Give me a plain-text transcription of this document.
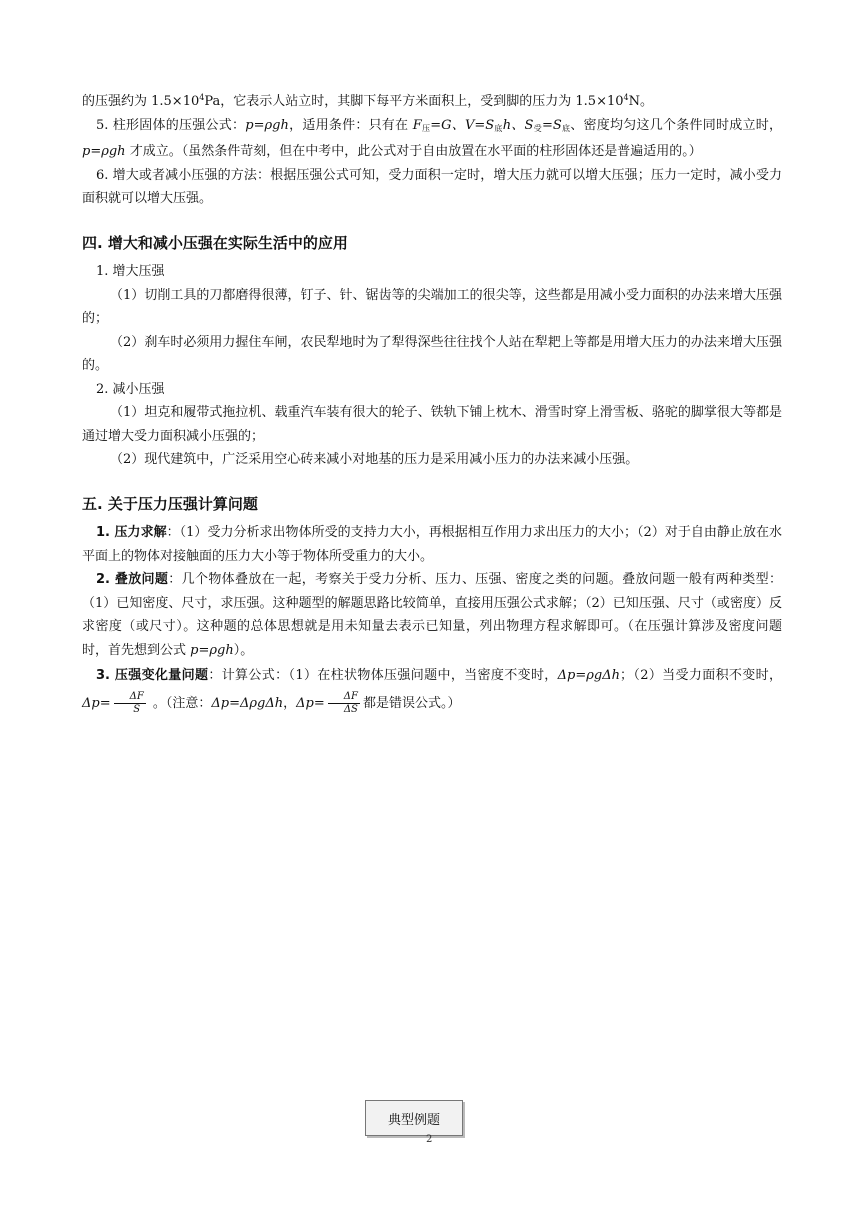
的压强约为 $1.5\times 10^4Pa$，它表示人站立时，其脚下每平方米面积上，受到脚的压力为 $1.5\times 10^4N$。

5. 柱形固体的压强公式：p=ρgh，适用条件：只有在 $F_压=G$、$V=S_底h$、$S_受=S_底$、密度均匀这几个条件同时成立时，p=ρgh 才成立。（虽然条件苛刻，但在中考中，此公式对于自由放置在水平面的柱形固体还是普遍适用的。）

6. 增大或者减小压强的方法：根据压强公式可知，受力面积一定时，增大压力就可以增大压强；压力一定时，减小受力面积就可以增大压强。

四. 增大和减小压强在实际生活中的应用

1. 增大压强

（1）切削工具的刀都磨得很薄，钉子、针、锯齿等的尖端加工的很尖等，这些都是用减小受力面积的办法来增大压强的；

（2）刹车时必须用力握住车闸，农民犁地时为了犁得深些往往找个人站在犁耙上等都是用增大压力的办法来增大压强的。

2. 减小压强

（1）坦克和履带式拖拉机、载重汽车装有很大的轮子、铁轨下铺上枕木、滑雪时穿上滑雪板、骆驼的脚掌很大等都是通过增大受力面积减小压强的；

（2）现代建筑中，广泛采用空心砖来减小对地基的压力是采用减小压力的办法来减小压强。

五. 关于压力压强计算问题

1. 压力求解：（1）受力分析求出物体所受的支持力大小，再根据相互作用力求出压力的大小；（2）对于自由静止放在水平面上的物体对接触面的压力大小等于物体所受重力的大小。

2. 叠放问题：几个物体叠放在一起，考察关于受力分析、压力、压强、密度之类的问题。叠放问题一般有两种类型：（1）已知密度、尺寸，求压强。这种题型的解题思路比较简单，直接用压强公式求解；（2）已知压强、尺寸（或密度）反求密度（或尺寸）。这种题的总体思想就是用未知量去表示已知量，列出物理方程求解即可。（在压强计算涉及密度问题时，首先想到公式 p=ρgh）。

3. 压强变化量问题：计算公式：（1）在柱状物体压强问题中，当密度不变时，Δp=ρgΔh；（2）当受力面积不变时，$\Delta p= \frac{\Delta F}{S}$ 。（注意：Δp=ΔρgΔh，$\Delta p= \frac{\Delta F}{\Delta S}$ 都是错误公式。）

典型例题
2
